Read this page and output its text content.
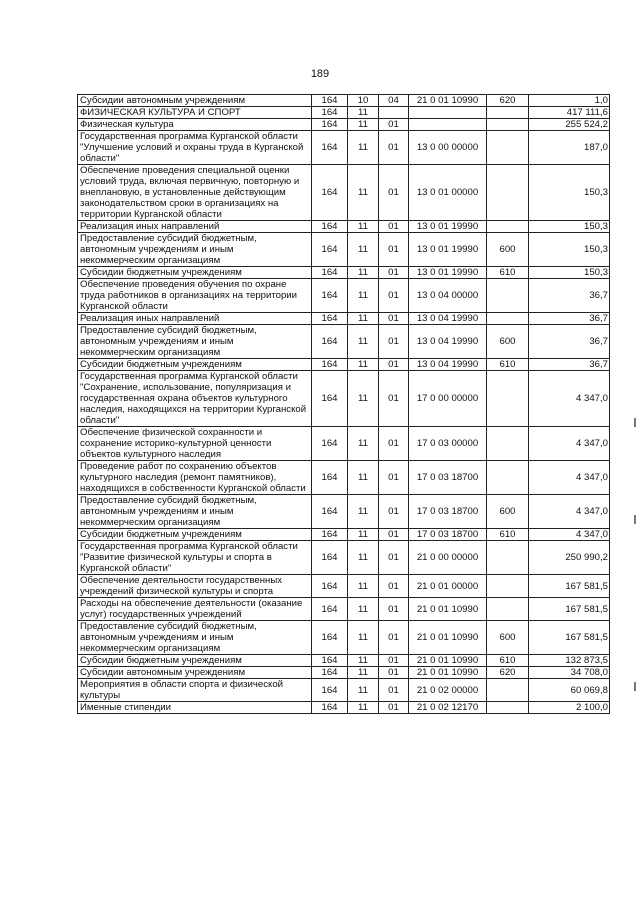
189
Субсидии автономным учреждениям	164	10	04	21 0 01 10990	620	1,0
ФИЗИЧЕСКАЯ КУЛЬТУРА И СПОРТ	164	11				417 111,6
Физическая культура	164	11	01			255 524,2
Государственная программа Курганской области "Улучшение условий и охраны труда в Курганской области"	164	11	01	13 0 00 00000		187,0
Обеспечение проведения специальной оценки условий труда, включая первичную, повторную и внеплановую, в установленные действующим законодательством сроки в организациях на территории Курганской области	164	11	01	13 0 01 00000		150,3
Реализация иных направлений	164	11	01	13 0 01 19990		150,3
Предоставление субсидий бюджетным, автономным учреждениям и иным некоммерческим организациям	164	11	01	13 0 01 19990	600	150,3
Субсидии бюджетным учреждениям	164	11	01	13 0 01 19990	610	150,3
Обеспечение проведения обучения по охране труда работников в организациях на территории Курганской области	164	11	01	13 0 04 00000		36,7
Реализация иных направлений	164	11	01	13 0 04 19990		36,7
Предоставление субсидий бюджетным, автономным учреждениям и иным некоммерческим организациям	164	11	01	13 0 04 19990	600	36,7
Субсидии бюджетным учреждениям	164	11	01	13 0 04 19990	610	36,7
Государственная программа Курганской области "Сохранение, использование, популяризация и государственная охрана объектов культурного наследия, находящихся на территории Курганской области"	164	11	01	17 0 00 00000		4 347,0
Обеспечение физической сохранности и сохранение историко-культурной ценности объектов культурного наследия	164	11	01	17 0 03 00000		4 347,0
Проведение работ по сохранению объектов культурного наследия (ремонт памятников), находящихся в собственности Курганской области	164	11	01	17 0 03 18700		4 347,0
Предоставление субсидий бюджетным, автономным учреждениям и иным некоммерческим организациям	164	11	01	17 0 03 18700	600	4 347,0
Субсидии бюджетным учреждениям	164	11	01	17 0 03 18700	610	4 347,0
Государственная программа Курганской области "Развитие физической культуры и спорта в Курганской области"	164	11	01	21 0 00 00000		250 990,2
Обеспечение деятельности государственных учреждений физической культуры и спорта	164	11	01	21 0 01 00000		167 581,5
Расходы на обеспечение деятельности (оказание услуг) государственных учреждений	164	11	01	21 0 01 10990		167 581,5
Предоставление субсидий бюджетным, автономным учреждениям и иным некоммерческим организациям	164	11	01	21 0 01 10990	600	167 581,5
Субсидии бюджетным учреждениям	164	11	01	21 0 01 10990	610	132 873,5
Субсидии автономным учреждениям	164	11	01	21 0 01 10990	620	34 708,0
Мероприятия в области спорта и физической культуры	164	11	01	21 0 02 00000		60 069,8
Именные стипендии	164	11	01	21 0 02 12170		2 100,0
